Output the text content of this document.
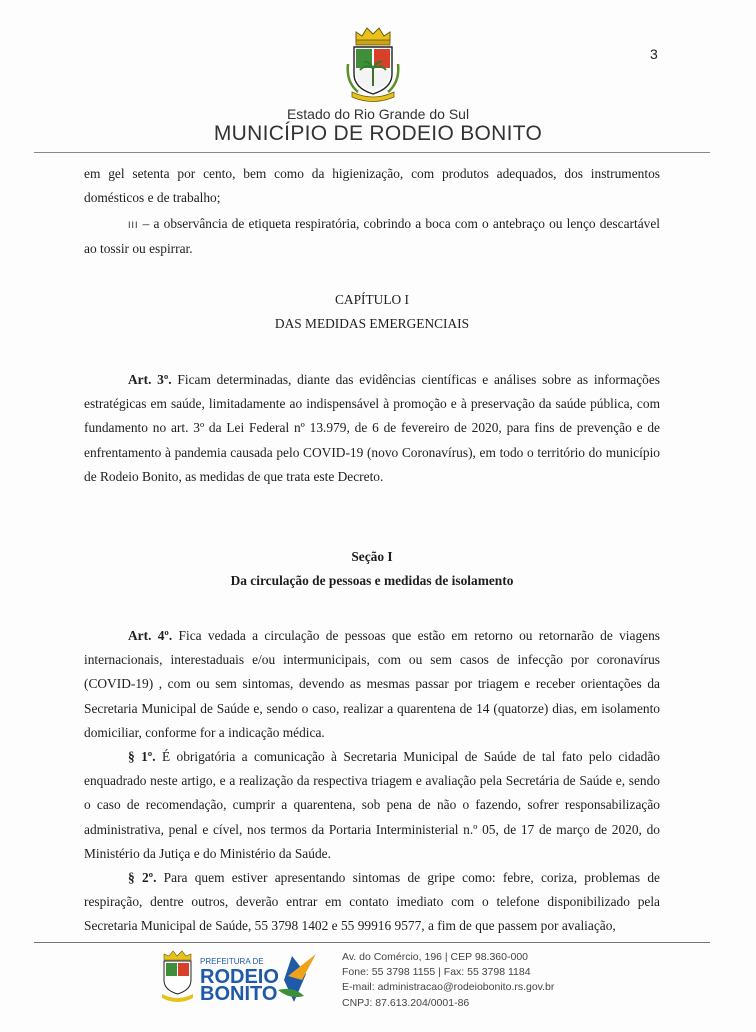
3
Estado do Rio Grande do Sul
MUNICÍPIO DE RODEIO BONITO

em gel setenta por cento, bem como da higienização, com produtos adequados, dos instrumentos domésticos e de trabalho;

III – a observância de etiqueta respiratória, cobrindo a boca com o antebraço ou lenço descartável ao tossir ou espirrar.

CAPÍTULO I

DAS MEDIDAS EMERGENCIAIS

Art. 3º. Ficam determinadas, diante das evidências científicas e análises sobre as informações estratégicas em saúde, limitadamente ao indispensável à promoção e à preservação da saúde pública, com fundamento no art. 3º da Lei Federal nº 13.979, de 6 de fevereiro de 2020, para fins de prevenção e de enfrentamento à pandemia causada pelo COVID-19 (novo Coronavírus), em todo o território do município de Rodeio Bonito, as medidas de que trata este Decreto.

Seção I

Da circulação de pessoas e medidas de isolamento

Art. 4º. Fica vedada a circulação de pessoas que estão em retorno ou retornarão de viagens internacionais, interestaduais e/ou intermunicipais, com ou sem casos de infecção por coronavírus (COVID-19) , com ou sem sintomas, devendo as mesmas passar por triagem e receber orientações da Secretaria Municipal de Saúde e, sendo o caso, realizar a quarentena de 14 (quatorze) dias, em isolamento domiciliar, conforme for a indicação médica.

§ 1º. É obrigatória a comunicação à Secretaria Municipal de Saúde de tal fato pelo cidadão enquadrado neste artigo, e a realização da respectiva triagem e avaliação pela Secretária de Saúde e, sendo o caso de recomendação, cumprir a quarentena, sob pena de não o fazendo, sofrer responsabilização administrativa, penal e cível, nos termos da Portaria Interministerial n.º 05, de 17 de março de 2020, do Ministério da Jutiça e do Ministério da Saúde.

§ 2º. Para quem estiver apresentando sintomas de gripe como: febre, coriza, problemas de respiração, dentre outros, deverão entrar em contato imediato com o telefone disponibilizado pela Secretaria Municipal de Saúde, 55 3798 1402 e 55 99916 9577, a fim de que passem por avaliação,

PREFEITURA DE
RODEIO
BONITO
Av. do Comércio, 196 | CEP 98.360-000
Fone: 55 3798 1155 | Fax: 55 3798 1184
E-mail: administracao@rodeiobonito.rs.gov.br
CNPJ: 87.613.204/0001-86
